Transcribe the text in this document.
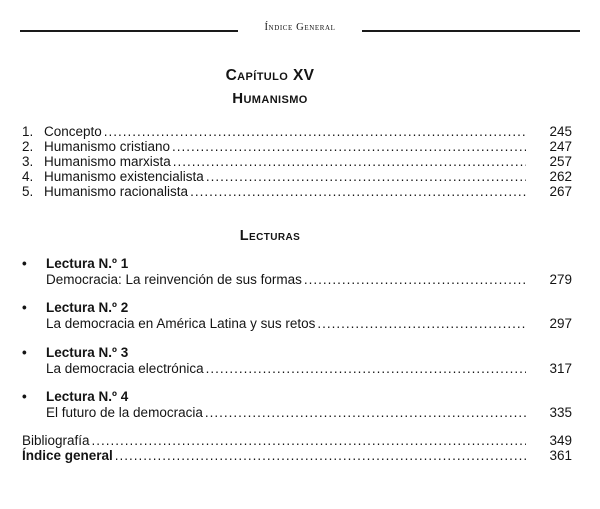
Índice General
Capítulo XV
Humanismo
1. Concepto .....	245
2. Humanismo cristiano .....	247
3. Humanismo marxista .....	257
4. Humanismo existencialista .....	262
5. Humanismo racionalista .....	267
Lecturas
• Lectura N.º 1
Democracia: La reinvención de sus formas .....	279
• Lectura N.º 2
La democracia en América Latina y sus retos .....	297
• Lectura N.º 3
La democracia electrónica .....	317
• Lectura N.º 4
El futuro de la democracia .....	335
Bibliografía .....	349
Índice general .....	361
